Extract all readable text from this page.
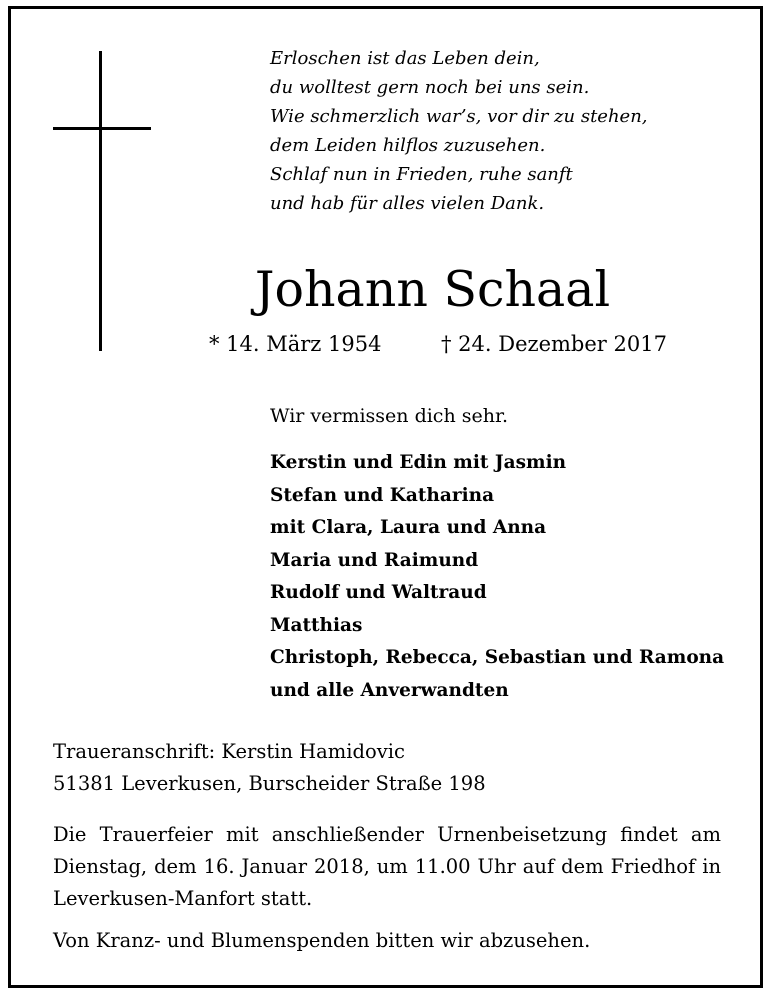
Erloschen ist das Leben dein,
du wolltest gern noch bei uns sein.
Wie schmerzlich war’s, vor dir zu stehen,
dem Leiden hilflos zuzusehen.
Schlaf nun in Frieden, ruhe sanft
und hab für alles vielen Dank.
Johann Schaal
* 14. März 1954	† 24. Dezember 2017
Wir vermissen dich sehr.
Kerstin und Edin mit Jasmin
Stefan und Katharina
mit Clara, Laura und Anna
Maria und Raimund
Rudolf und Waltraud
Matthias
Christoph, Rebecca, Sebastian und Ramona
und alle Anverwandten
Traueranschrift: Kerstin Hamidovic
51381 Leverkusen, Burscheider Straße 198
Die Trauerfeier mit anschließender Urnenbeisetzung findet am
Dienstag, dem 16. Januar 2018, um 11.00 Uhr auf dem Friedhof in
Leverkusen-Manfort statt.
Von Kranz- und Blumenspenden bitten wir abzusehen.
